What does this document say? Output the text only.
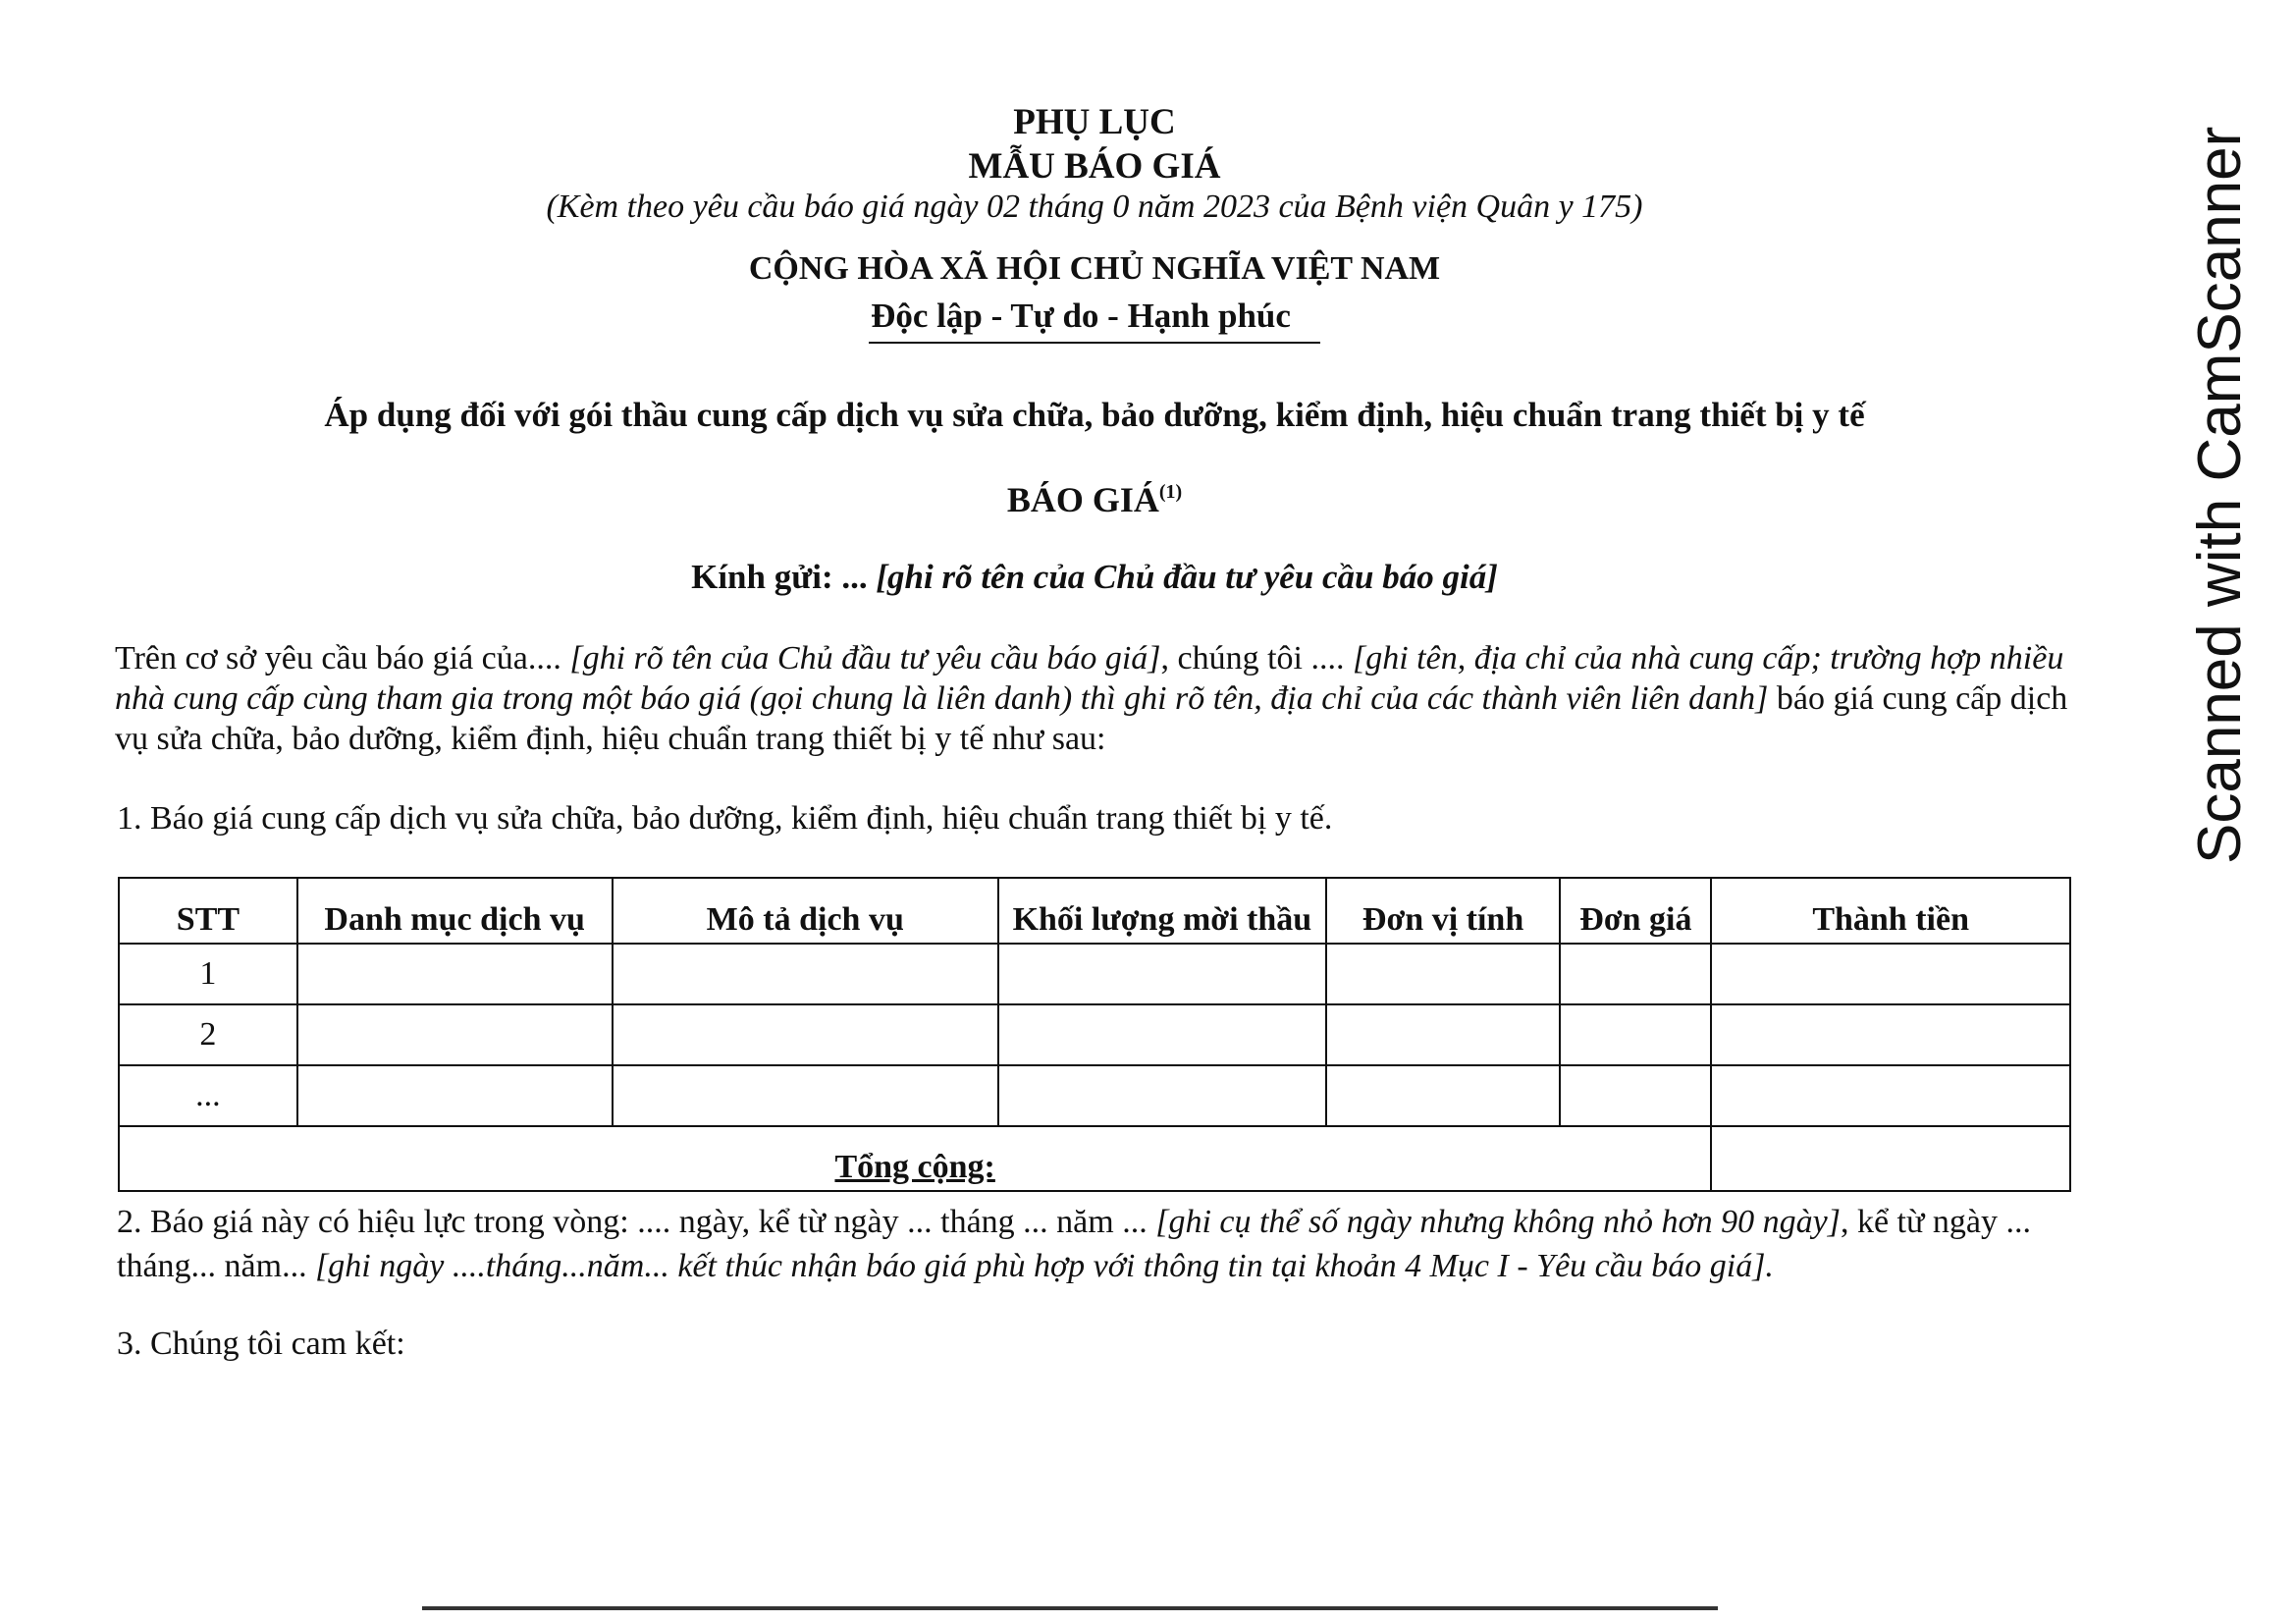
PHỤ LỤC
MẪU BÁO GIÁ
(Kèm theo yêu cầu báo giá ngày 02 tháng 0 năm 2023 của Bệnh viện Quân y 175)
CỘNG HÒA XÃ HỘI CHỦ NGHĨA VIỆT NAM
Độc lập - Tự do - Hạnh phúc
Áp dụng đối với gói thầu cung cấp dịch vụ sửa chữa, bảo dưỡng, kiểm định, hiệu chuẩn trang thiết bị y tế
BÁO GIÁ$^{(1)}$
Kính gửi: ... [ghi rõ tên của Chủ đầu tư yêu cầu báo giá]
Trên cơ sở yêu cầu báo giá của.... [ghi rõ tên của Chủ đầu tư yêu cầu báo giá], chúng tôi .... [ghi tên, địa chỉ của nhà cung cấp; trường hợp nhiều nhà cung cấp cùng tham gia trong một báo giá (gọi chung là liên danh) thì ghi rõ tên, địa chỉ của các thành viên liên danh] báo giá cung cấp dịch vụ sửa chữa, bảo dưỡng, kiểm định, hiệu chuẩn trang thiết bị y tế như sau:
1. Báo giá cung cấp dịch vụ sửa chữa, bảo dưỡng, kiểm định, hiệu chuẩn trang thiết bị y tế.
STT	Danh mục dịch vụ	Mô tả dịch vụ	Khối lượng mời thầu	Đơn vị tính	Đơn giá	Thành tiền
1						
2						
...						
Tổng cộng:						
2. Báo giá này có hiệu lực trong vòng: .... ngày, kể từ ngày ... tháng ... năm ... [ghi cụ thể số ngày nhưng không nhỏ hơn 90 ngày], kể từ ngày ... tháng... năm... [ghi ngày ....tháng...năm... kết thúc nhận báo giá phù hợp với thông tin tại khoản 4 Mục I - Yêu cầu báo giá].
3. Chúng tôi cam kết:
Scanned with CamScanner
